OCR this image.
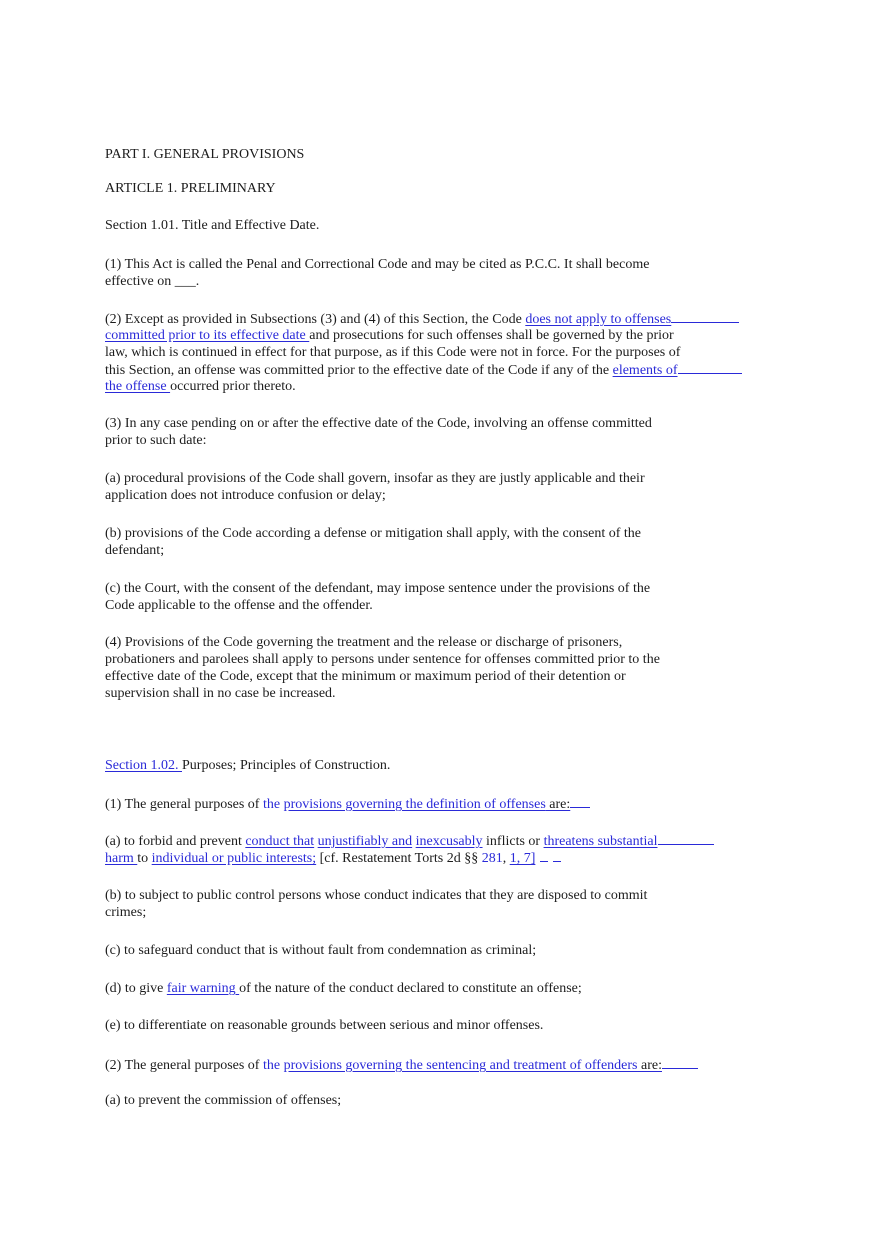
PART I. GENERAL PROVISIONS

ARTICLE 1. PRELIMINARY

Section 1.01. Title and Effective Date.

(1) This Act is called the Penal and Correctional Code and may be cited as P.C.C. It shall become
effective on ___.

(2) Except as provided in Subsections (3) and (4) of this Section, the Code does not apply to offenses
committed prior to its effective date and prosecutions for such offenses shall be governed by the prior
law, which is continued in effect for that purpose, as if this Code were not in force. For the purposes of
this Section, an offense was committed prior to the effective date of the Code if any of the elements of
the offense occurred prior thereto.

(3) In any case pending on or after the effective date of the Code, involving an offense committed
prior to such date:

(a) procedural provisions of the Code shall govern, insofar as they are justly applicable and their
application does not introduce confusion or delay;

(b) provisions of the Code according a defense or mitigation shall apply, with the consent of the
defendant;

(c) the Court, with the consent of the defendant, may impose sentence under the provisions of the
Code applicable to the offense and the offender.

(4) Provisions of the Code governing the treatment and the release or discharge of prisoners,
probationers and parolees shall apply to persons under sentence for offenses committed prior to the
effective date of the Code, except that the minimum or maximum period of their detention or
supervision shall in no case be increased.

Section 1.02. Purposes; Principles of Construction.

(1) The general purposes of the provisions governing the definition of offenses are:

(a) to forbid and prevent conduct that unjustifiably and inexcusably inflicts or threatens substantial
harm to individual or public interests; [cf. Restatement Torts 2d §§ 281, 1, 7]

(b) to subject to public control persons whose conduct indicates that they are disposed to commit
crimes;

(c) to safeguard conduct that is without fault from condemnation as criminal;

(d) to give fair warning of the nature of the conduct declared to constitute an offense;

(e) to differentiate on reasonable grounds between serious and minor offenses.

(2) The general purposes of the provisions governing the sentencing and treatment of offenders are:

(a) to prevent the commission of offenses;
